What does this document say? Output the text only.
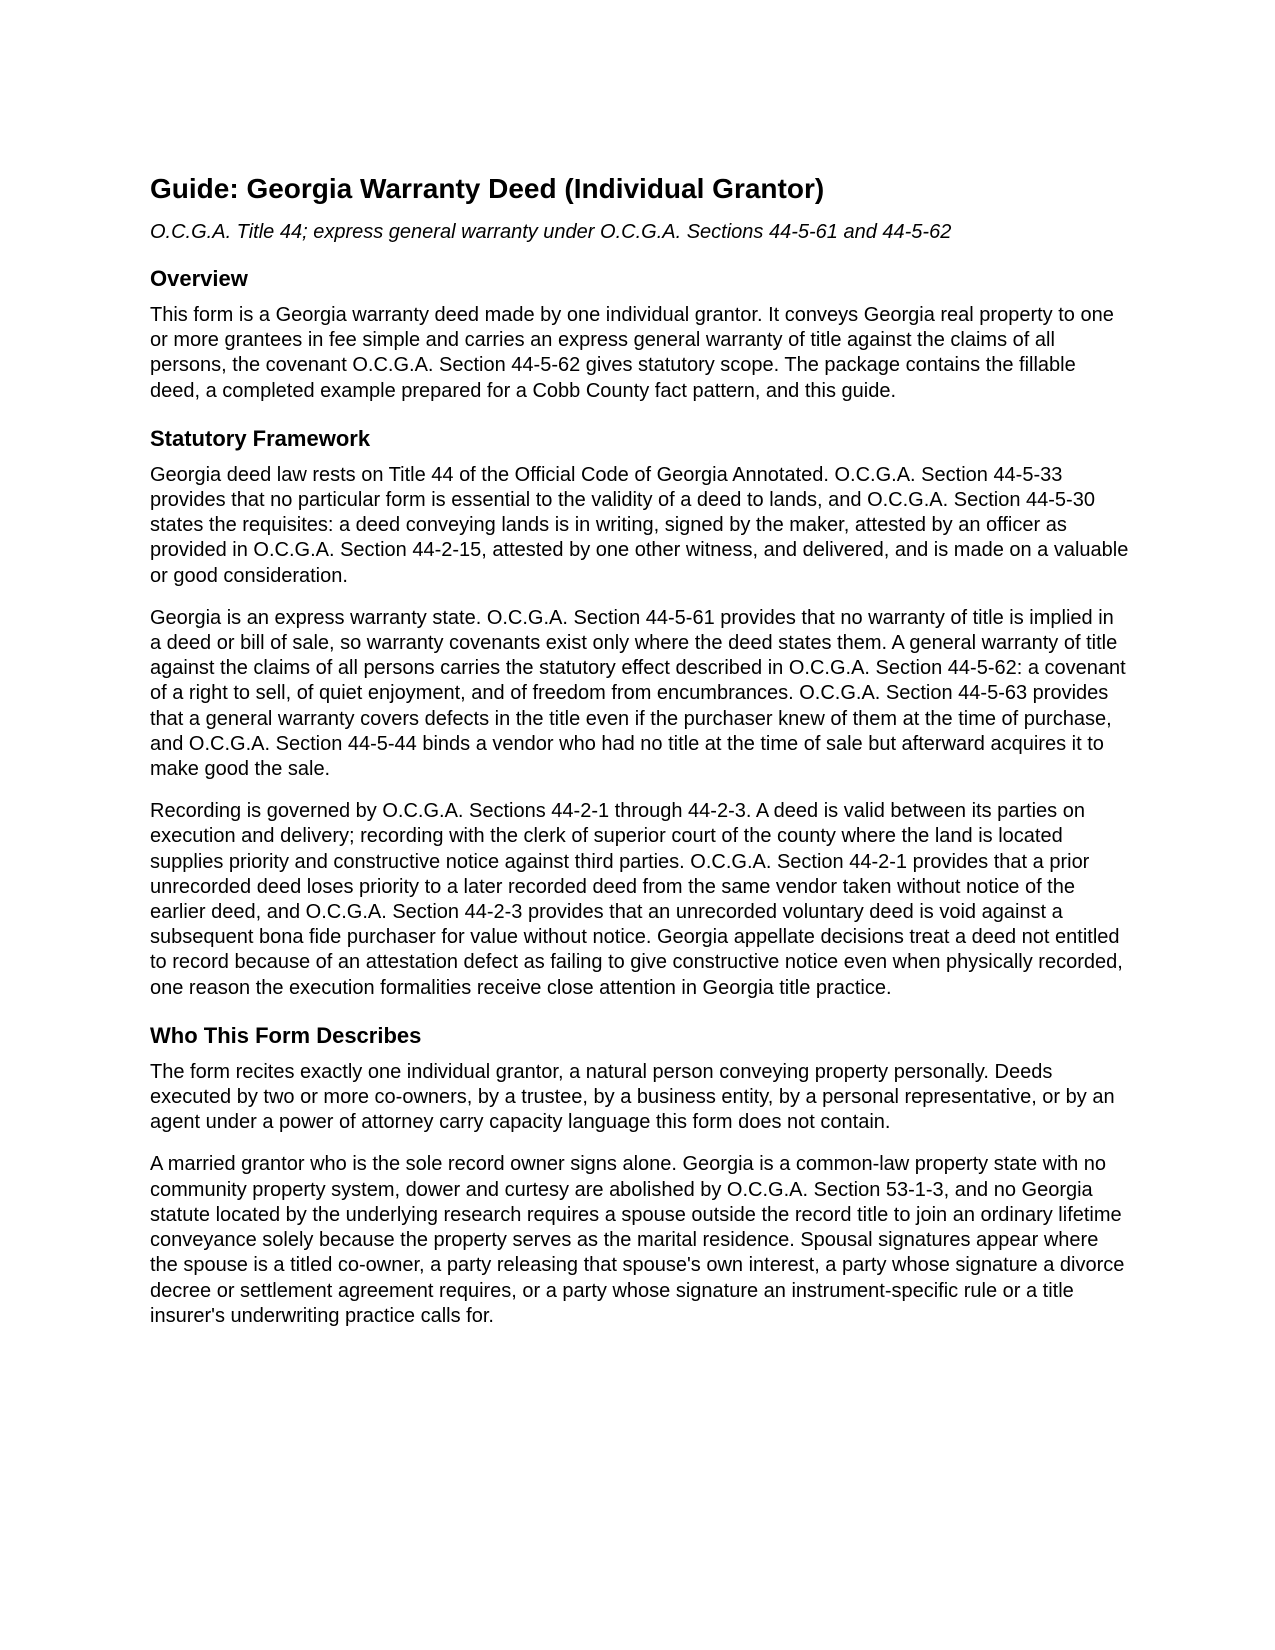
Guide: Georgia Warranty Deed (Individual Grantor)
O.C.G.A. Title 44; express general warranty under O.C.G.A. Sections 44-5-61 and 44-5-62
Overview

This form is a Georgia warranty deed made by one individual grantor. It conveys Georgia real property to one or more grantees in fee simple and carries an express general warranty of title against the claims of all persons, the covenant O.C.G.A. Section 44-5-62 gives statutory scope. The package contains the fillable deed, a completed example prepared for a Cobb County fact pattern, and this guide.

Statutory Framework

Georgia deed law rests on Title 44 of the Official Code of Georgia Annotated. O.C.G.A. Section 44-5-33 provides that no particular form is essential to the validity of a deed to lands, and O.C.G.A. Section 44-5-30 states the requisites: a deed conveying lands is in writing, signed by the maker, attested by an officer as provided in O.C.G.A. Section 44-2-15, attested by one other witness, and delivered, and is made on a valuable or good consideration.

Georgia is an express warranty state. O.C.G.A. Section 44-5-61 provides that no warranty of title is implied in a deed or bill of sale, so warranty covenants exist only where the deed states them. A general warranty of title against the claims of all persons carries the statutory effect described in O.C.G.A. Section 44-5-62: a covenant of a right to sell, of quiet enjoyment, and of freedom from encumbrances. O.C.G.A. Section 44-5-63 provides that a general warranty covers defects in the title even if the purchaser knew of them at the time of purchase, and O.C.G.A. Section 44-5-44 binds a vendor who had no title at the time of sale but afterward acquires it to make good the sale.

Recording is governed by O.C.G.A. Sections 44-2-1 through 44-2-3. A deed is valid between its parties on execution and delivery; recording with the clerk of superior court of the county where the land is located supplies priority and constructive notice against third parties. O.C.G.A. Section 44-2-1 provides that a prior unrecorded deed loses priority to a later recorded deed from the same vendor taken without notice of the earlier deed, and O.C.G.A. Section 44-2-3 provides that an unrecorded voluntary deed is void against a subsequent bona fide purchaser for value without notice. Georgia appellate decisions treat a deed not entitled to record because of an attestation defect as failing to give constructive notice even when physically recorded, one reason the execution formalities receive close attention in Georgia title practice.

Who This Form Describes

The form recites exactly one individual grantor, a natural person conveying property personally. Deeds executed by two or more co-owners, by a trustee, by a business entity, by a personal representative, or by an agent under a power of attorney carry capacity language this form does not contain.

A married grantor who is the sole record owner signs alone. Georgia is a common-law property state with no community property system, dower and curtesy are abolished by O.C.G.A. Section 53-1-3, and no Georgia statute located by the underlying research requires a spouse outside the record title to join an ordinary lifetime conveyance solely because the property serves as the marital residence. Spousal signatures appear where the spouse is a titled co-owner, a party releasing that spouse's own interest, a party whose signature a divorce decree or settlement agreement requires, or a party whose signature an instrument-specific rule or a title insurer's underwriting practice calls for.
